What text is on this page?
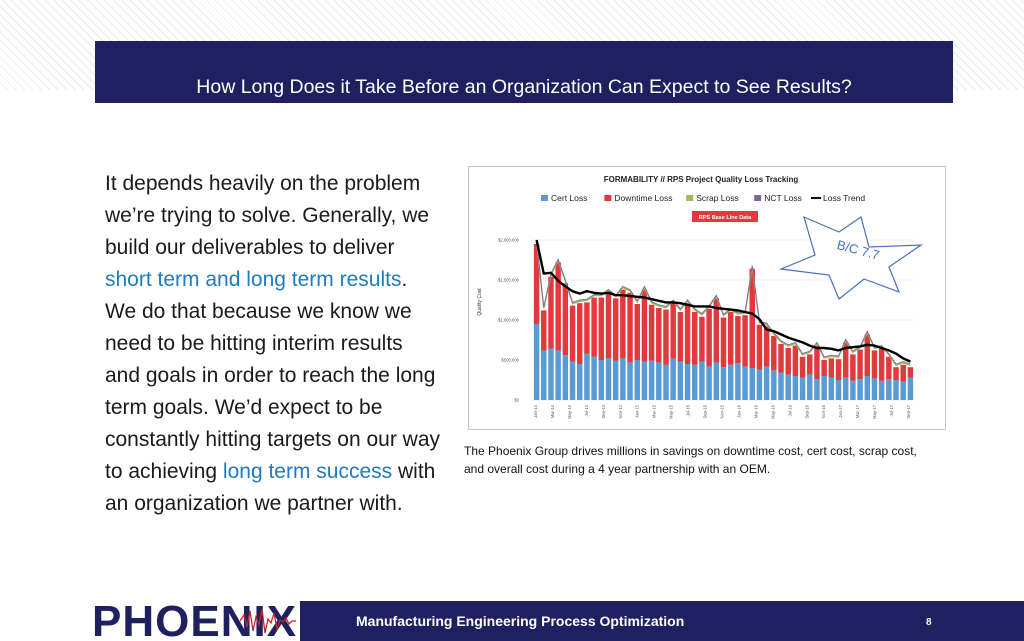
How Long Does it Take Before an Organization Can Expect to See Results?
It depends heavily on the problem we’re trying to solve. Generally, we build our deliverables to deliver short term and long term results. We do that because we know we need to be hitting interim results and goals in order to reach the long term goals. We’d expect to be constantly hitting targets on our way to achieving long term success with an organization we partner with.
FORMABILITY // RPS Project Quality Loss Tracking
Cert Loss	Downtime Loss	Scrap Loss	NCT Loss Loss Trend
RPS Base Line Data
$0
$500,000
$1,000,000
$1,500,000
$2,000,000
Jan-14	Mar-14	May-14	Jul-14	Sep-14	Nov-14	Jan-15	Mar-15	May-15	Jul-15	Sep-15	Nov-15	Jan-16	Mar-16	May-16	Jul-16	Sep-16	Nov-16	Jan-17	Mar-17	May-17	Jul-17	Sep-17
Quality Cost
B/C 7.7
The Phoenix Group drives millions in savings on downtime cost, cert cost, scrap cost, and overall cost during a 4 year partnership with an OEM.
PHOENIX	Manufacturing Engineering Process Optimization	8
